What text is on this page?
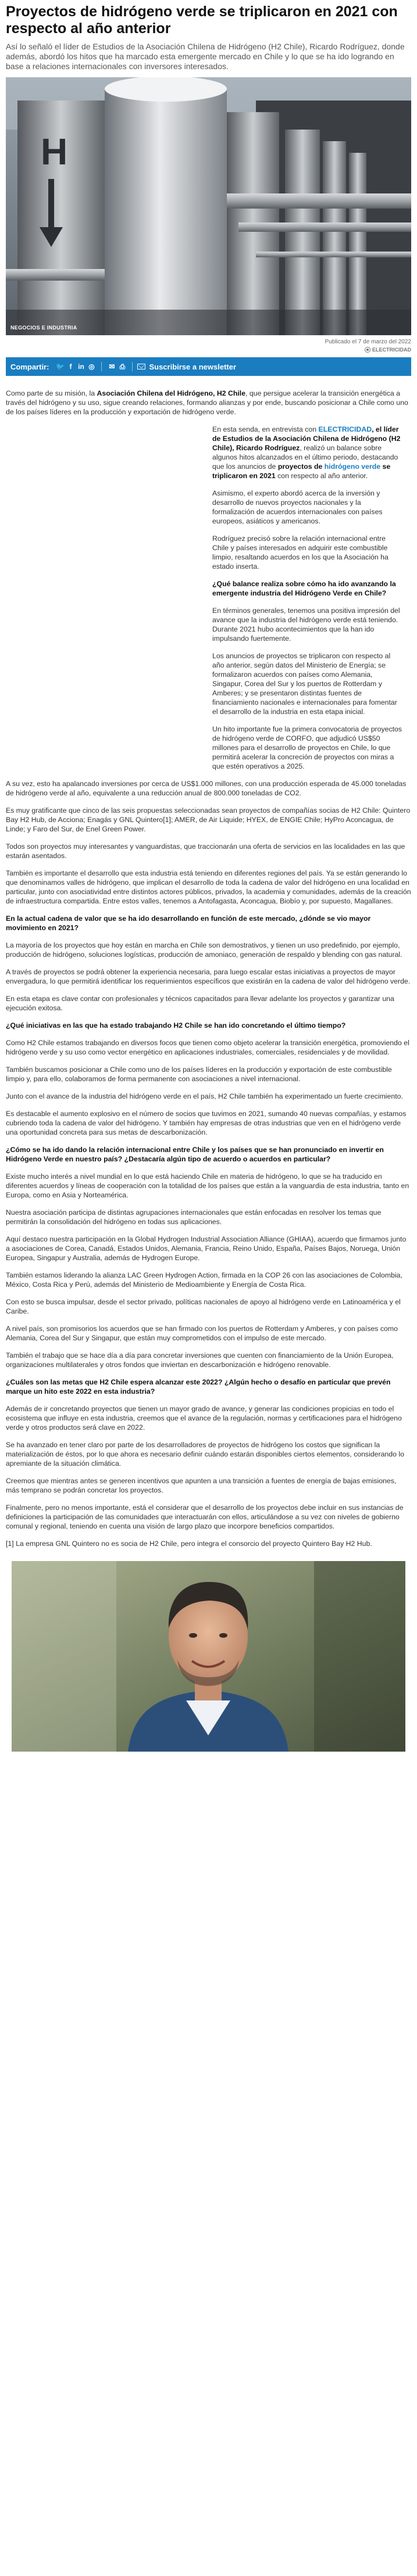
Proyectos de hidrógeno verde se triplicaron en 2021 con respecto al año anterior

Así lo señaló el líder de Estudios de la Asociación Chilena de Hidrógeno (H2 Chile), Ricardo Rodríguez, donde además, abordó los hitos que ha marcado esta emergente mercado en Chile y lo que se ha ido logrando en base a relaciones internacionales con inversores interesados.

H
NEGOCIOS E INDUSTRIA
Publicado el 7 de marzo del 2022
ELECTRICIDAD
Compartir: 🐦 f in ◎	✉ ⎙	Suscribirse a newsletter

Como parte de su misión, la Asociación Chilena del Hidrógeno, H2 Chile, que persigue acelerar la transición energética a través del hidrógeno y su uso, sigue creando relaciones, formando alianzas y por ende, buscando posicionar a Chile como uno de los países líderes en la producción y exportación de hidrógeno verde.

En esta senda, en entrevista con ELECTRICIDAD, el líder de Estudios de la Asociación Chilena de Hidrógeno (H2 Chile), Ricardo Rodríguez, realizó un balance sobre algunos hitos alcanzados en el último periodo, destacando que los anuncios de proyectos de hidrógeno verde se triplicaron en 2021 con respecto al año anterior.

Asimismo, el experto abordó acerca de la inversión y desarrollo de nuevos proyectos nacionales y la formalización de acuerdos internacionales con países europeos, asiáticos y americanos.

Rodríguez precisó sobre la relación internacional entre Chile y países interesados en adquirir este combustible limpio, resaltando acuerdos en los que la Asociación ha estado inserta.

¿Qué balance realiza sobre cómo ha ido avanzando la emergente industria del Hidrógeno Verde en Chile?

En términos generales, tenemos una positiva impresión del avance que la industria del hidrógeno verde está teniendo. Durante 2021 hubo acontecimientos que la han ido impulsando fuertemente.

Los anuncios de proyectos se triplicaron con respecto al año anterior, según datos del Ministerio de Energía; se formalizaron acuerdos con países como Alemania, Singapur, Corea del Sur y los puertos de Rotterdam y Amberes; y se presentaron distintas fuentes de financiamiento nacionales e internacionales para fomentar el desarrollo de la industria en esta etapa inicial.

Un hito importante fue la primera convocatoria de proyectos de hidrógeno verde de CORFO, que adjudicó US$50 millones para el desarrollo de proyectos en Chile, lo que permitirá acelerar la concreción de proyectos con miras a que estén operativos a 2025.

A su vez, esto ha apalancado inversiones por cerca de US$1.000 millones, con una producción esperada de 45.000 toneladas de hidrógeno verde al año, equivalente a una reducción anual de 800.000 toneladas de CO2.

Es muy gratificante que cinco de las seis propuestas seleccionadas sean proyectos de compañías socias de H2 Chile: Quintero Bay H2 Hub, de Acciona; Enagás y GNL Quintero[1]; AMER, de Air Liquide; HYEX, de ENGIE Chile; HyPro Aconcagua, de Linde; y Faro del Sur, de Enel Green Power.

Todos son proyectos muy interesantes y vanguardistas, que traccionarán una oferta de servicios en las localidades en las que estarán asentados.

También es importante el desarrollo que esta industria está teniendo en diferentes regiones del país. Ya se están generando lo que denominamos valles de hidrógeno, que implican el desarrollo de toda la cadena de valor del hidrógeno en una localidad en particular, junto con asociatividad entre distintos actores públicos, privados, la academia y comunidades, además de la creación de infraestructura compartida. Entre estos valles, tenemos a Antofagasta, Aconcagua, Biobío y, por supuesto, Magallanes.

En la actual cadena de valor que se ha ido desarrollando en función de este mercado, ¿dónde se vio mayor movimiento en 2021?

La mayoría de los proyectos que hoy están en marcha en Chile son demostrativos, y tienen un uso predefinido, por ejemplo, producción de hidrógeno, soluciones logísticas, producción de amoniaco, generación de respaldo y blending con gas natural.

A través de proyectos se podrá obtener la experiencia necesaria, para luego escalar estas iniciativas a proyectos de mayor envergadura, lo que permitirá identificar los requerimientos específicos que existirán en la cadena de valor del hidrógeno verde.

En esta etapa es clave contar con profesionales y técnicos capacitados para llevar adelante los proyectos y garantizar una ejecución exitosa.

¿Qué iniciativas en las que ha estado trabajando H2 Chile se han ido concretando el último tiempo?

Como H2 Chile estamos trabajando en diversos focos que tienen como objeto acelerar la transición energética, promoviendo el hidrógeno verde y su uso como vector energético en aplicaciones industriales, comerciales, residenciales y de movilidad.

También buscamos posicionar a Chile como uno de los países líderes en la producción y exportación de este combustible limpio y, para ello, colaboramos de forma permanente con asociaciones a nivel internacional.

Junto con el avance de la industria del hidrógeno verde en el país, H2 Chile también ha experimentado un fuerte crecimiento.

Es destacable el aumento explosivo en el número de socios que tuvimos en 2021, sumando 40 nuevas compañías, y estamos cubriendo toda la cadena de valor del hidrógeno. Y también hay empresas de otras industrias que ven en el hidrógeno verde una oportunidad concreta para sus metas de descarbonización.

¿Cómo se ha ido dando la relación internacional entre Chile y los países que se han pronunciado en invertir en Hidrógeno Verde en nuestro país? ¿Destacaría algún tipo de acuerdo o acuerdos en particular?

Existe mucho interés a nivel mundial en lo que está haciendo Chile en materia de hidrógeno, lo que se ha traducido en diferentes acuerdos y líneas de cooperación con la totalidad de los países que están a la vanguardia de esta industria, tanto en Europa, como en Asia y Norteamérica.

Nuestra asociación participa de distintas agrupaciones internacionales que están enfocadas en resolver los temas que permitirán la consolidación del hidrógeno en todas sus aplicaciones.

Aquí destaco nuestra participación en la Global Hydrogen Industrial Association Alliance (GHIAA), acuerdo que firmamos junto a asociaciones de Corea, Canadá, Estados Unidos, Alemania, Francia, Reino Unido, España, Países Bajos, Noruega, Unión Europea, Singapur y Australia, además de Hydrogen Europe.

También estamos liderando la alianza LAC Green Hydrogen Action, firmada en la COP 26 con las asociaciones de Colombia, México, Costa Rica y Perú, además del Ministerio de Medioambiente y Energía de Costa Rica.

Con esto se busca impulsar, desde el sector privado, políticas nacionales de apoyo al hidrógeno verde en Latinoamérica y el Caribe.

A nivel país, son promisorios los acuerdos que se han firmado con los puertos de Rotterdam y Amberes, y con países como Alemania, Corea del Sur y Singapur, que están muy comprometidos con el impulso de este mercado.

También el trabajo que se hace día a día para concretar inversiones que cuenten con financiamiento de la Unión Europea, organizaciones multilaterales y otros fondos que inviertan en descarbonización e hidrógeno renovable.

¿Cuáles son las metas que H2 Chile espera alcanzar este 2022? ¿Algún hecho o desafío en particular que prevén marque un hito este 2022 en esta industria?

Además de ir concretando proyectos que tienen un mayor grado de avance, y generar las condiciones propicias en todo el ecosistema que influye en esta industria, creemos que el avance de la regulación, normas y certificaciones para el hidrógeno verde y otros productos será clave en 2022.

Se ha avanzado en tener claro por parte de los desarrolladores de proyectos de hidrógeno los costos que significan la materialización de éstos, por lo que ahora es necesario definir cuándo estarán disponibles ciertos elementos, considerando lo apremiante de la situación climática.

Creemos que mientras antes se generen incentivos que apunten a una transición a fuentes de energía de bajas emisiones, más temprano se podrán concretar los proyectos.

Finalmente, pero no menos importante, está el considerar que el desarrollo de los proyectos debe incluir en sus instancias de definiciones la participación de las comunidades que interactuarán con ellos, articulándose a su vez con niveles de gobierno comunal y regional, teniendo en cuenta una visión de largo plazo que incorpore beneficios compartidos.

[1] La empresa GNL Quintero no es socia de H2 Chile, pero integra el consorcio del proyecto Quintero Bay H2 Hub.
